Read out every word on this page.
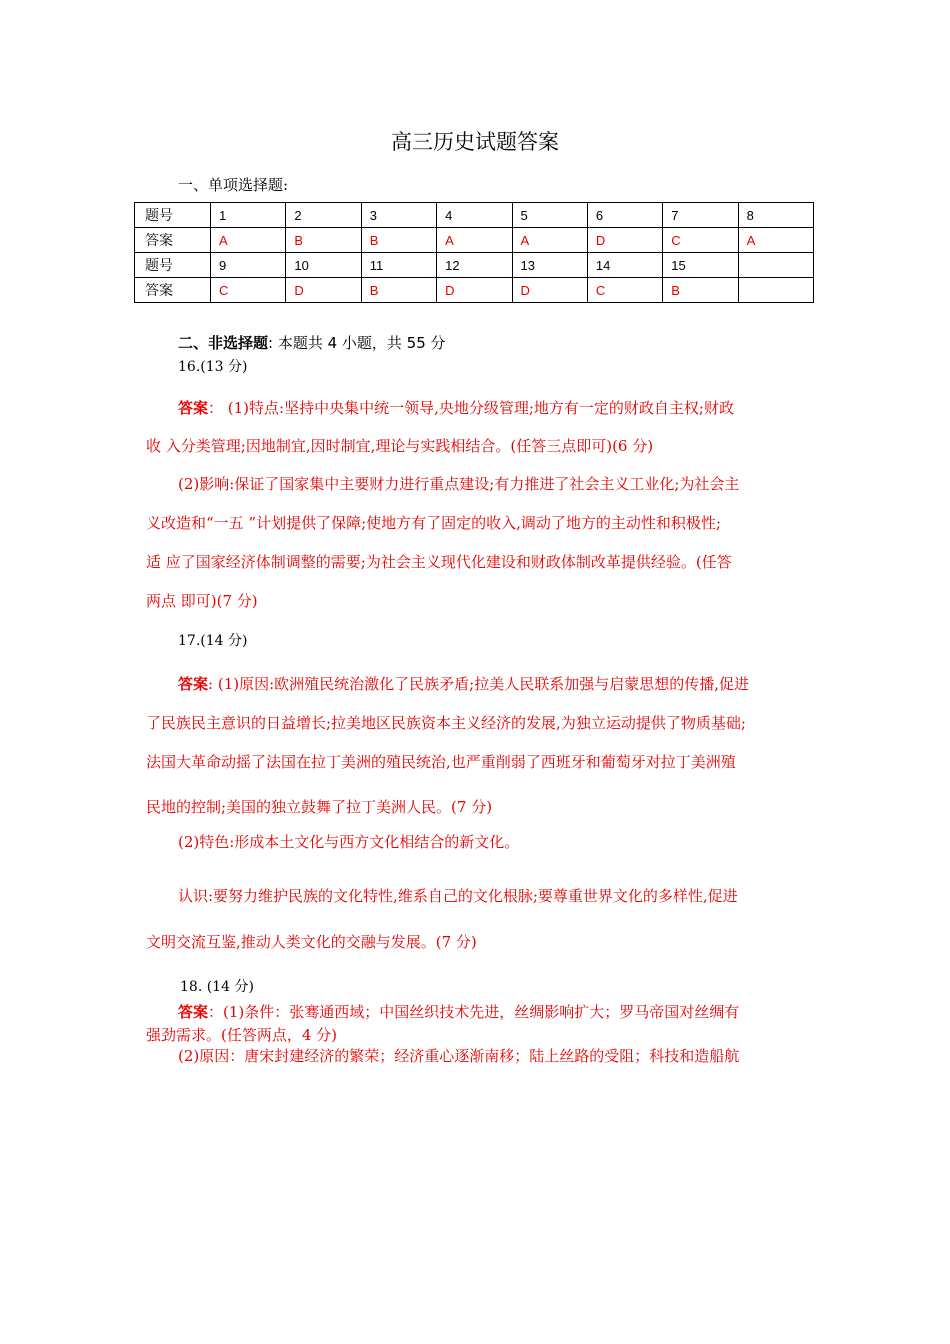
高三历史试题答案
一、单项选择题:
题号	1	2	3	4	5	6	7	8
答案	A	B	B	A	A	D	C	A
题号	9	10	11	12	13	14	15	
答案	C	D	B	D	D	C	B	
二、非选择题: 本题共 4 小题，共 55 分
16.(13 分)
答案： (1)特点:坚持中央集中统一领导,央地分级管理;地方有一定的财政自主权;财政
收 入分类管理;因地制宜,因时制宜,理论与实践相结合。(任答三点即可)(6 分)
(2)影响:保证了国家集中主要财力进行重点建设;有力推进了社会主义工业化;为社会主
义改造和“一五 ”计划提供了保障;使地方有了固定的收入,调动了地方的主动性和积极性;
适 应了国家经济体制调整的需要;为社会主义现代化建设和财政体制改革提供经验。(任答
两点 即可)(7 分)
17.(14 分)
答案: (1)原因:欧洲殖民统治激化了民族矛盾;拉美人民联系加强与启蒙思想的传播,促进
了民族民主意识的日益增长;拉美地区民族资本主义经济的发展,为独立运动提供了物质基础;
法国大革命动摇了法国在拉丁美洲的殖民统治,也严重削弱了西班牙和葡萄牙对拉丁美洲殖
民地的控制;美国的独立鼓舞了拉丁美洲人民。(7 分)
(2)特色:形成本土文化与西方文化相结合的新文化。
认识:要努力维护民族的文化特性,维系自己的文化根脉;要尊重世界文化的多样性,促进
文明交流互鉴,推动人类文化的交融与发展。(7 分)
18. (14 分)
答案：(1)条件：张骞通西域；中国丝织技术先进，丝绸影响扩大；罗马帝国对丝绸有
强劲需求。(任答两点，4 分)
(2)原因：唐宋封建经济的繁荣；经济重心逐渐南移；陆上丝路的受阻；科技和造船航
